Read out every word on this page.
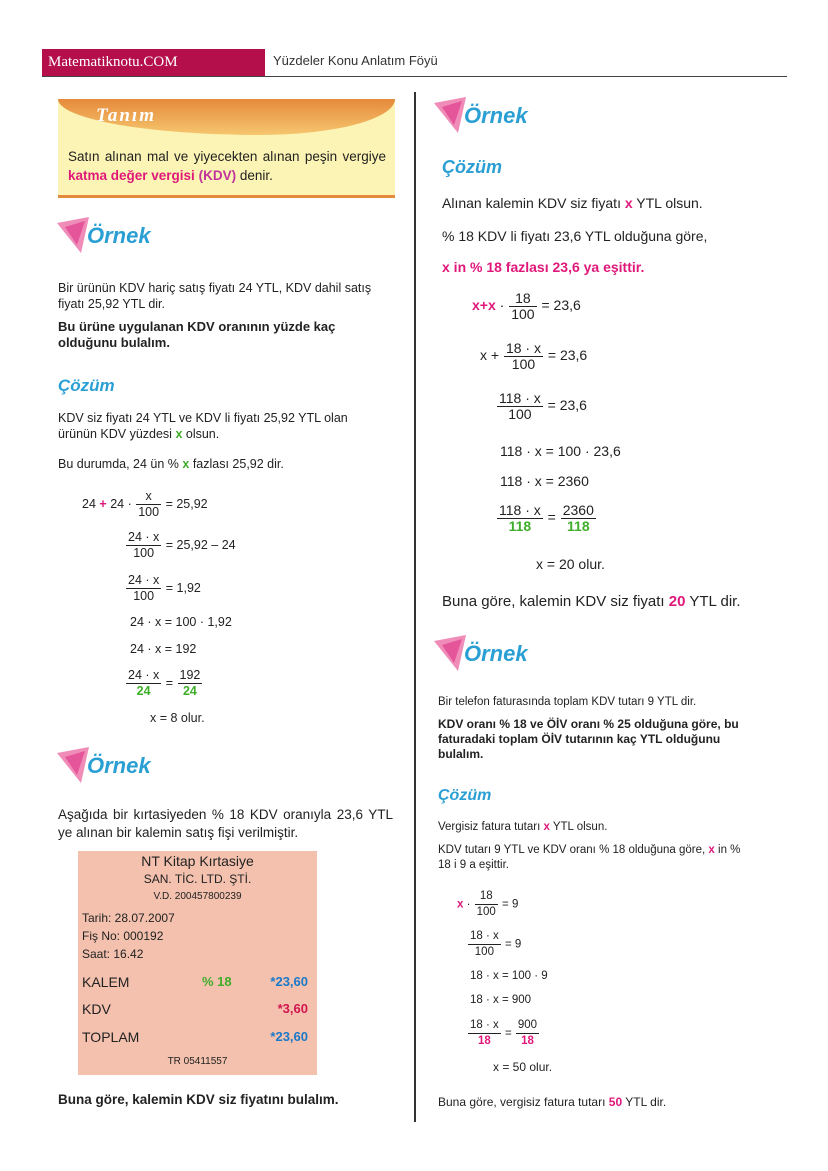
Matematiknotu.COM	Yüzdeler Konu Anlatım Föyü
Tanım
Satın alınan mal ve yiyecekten alınan peşin vergiye katma değer vergisi (KDV) denir.
Örnek
Bir ürünün KDV hariç satış fiyatı 24 YTL, KDV dahil satış fiyatı 25,92 YTL dir.
Bu ürüne uygulanan KDV oranının yüzde kaç olduğunu bulalım.
Çözüm
KDV siz fiyatı 24 YTL ve KDV li fiyatı 25,92 YTL olan ürünün KDV yüzdesi x olsun.
Bu durumda, 24 ün % x fazlası 25,92 dir.
$24 + 24 \cdot \frac{x}{100} = 25,92$
$\frac{24 \cdot x}{100} = 25,92 - 24$
$\frac{24 \cdot x}{100} = 1,92$
24 · x = 100 · 1,92
24 · x = 192
$\frac{24 \cdot x}{24} = \frac{192}{24}$
x = 8 olur.
Örnek
Aşağıda bir kırtasiyeden % 18 KDV oranıyla 23,6 YTL ye alınan bir kalemin satış fişi verilmiştir.
NT Kitap Kırtasiye
SAN. TİC. LTD. ŞTİ.
V.D. 200457800239
Tarih: 28.07.2007
Fiş No: 000192
Saat: 16.42
KALEM	% 18	*23,60
KDV	*3,60
TOPLAM	*23,60
TR 05411557
Buna göre, kalemin KDV siz fiyatını bulalım.
Örnek
Çözüm
Alınan kalemin KDV siz fiyatı x YTL olsun.
% 18 KDV li fiyatı 23,6 YTL olduğuna göre,
x in % 18 fazlası 23,6 ya eşittir.
$x+x \cdot \frac{18}{100} = 23,6$
$x + \frac{18 \cdot x}{100} = 23,6$
$\frac{118 \cdot x}{100} = 23,6$
118 · x = 100 · 23,6
118 · x = 2360
$\frac{118 \cdot x}{118} = \frac{2360}{118}$
x = 20 olur.
Buna göre, kalemin KDV siz fiyatı 20 YTL dir.
Örnek
Bir telefon faturasında toplam KDV tutarı 9 YTL dir.
KDV oranı % 18 ve ÖİV oranı % 25 olduğuna göre, bu faturadaki toplam ÖİV tutarının kaç YTL olduğunu bulalım.
Çözüm
Vergisiz fatura tutarı x YTL olsun.
KDV tutarı 9 YTL ve KDV oranı % 18 olduğuna göre, x in % 18 i 9 a eşittir.
$x \cdot \frac{18}{100} = 9$
$\frac{18 \cdot x}{100} = 9$
18 · x = 100 · 9
18 · x = 900
$\frac{18 \cdot x}{18} = \frac{900}{18}$
x = 50 olur.
Buna göre, vergisiz fatura tutarı 50 YTL dir.
